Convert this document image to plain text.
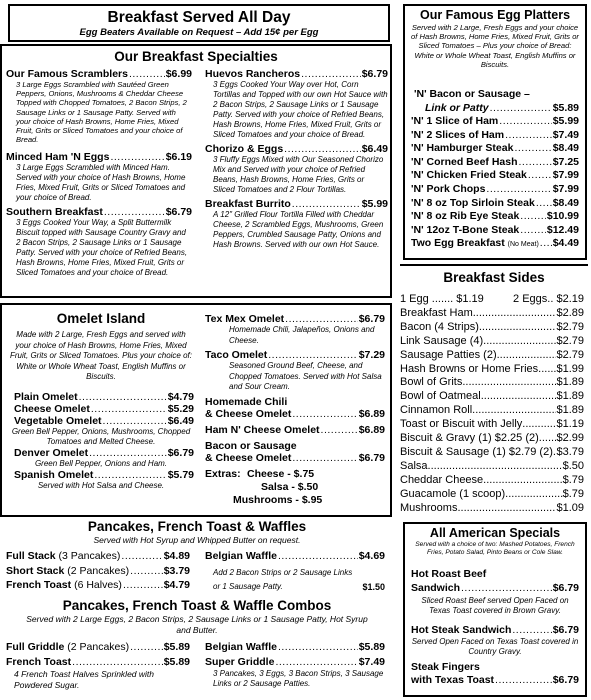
Breakfast Served All Day
Egg Beaters Available on Request – Add 15¢ per Egg
Our Breakfast Specialties
Our Famous Scramblers .....	$6.99
3 Large Eggs Scrambled with Sautéed Green Peppers, Onions, Mushrooms & Cheddar Cheese Topped with Chopped Tomatoes, 2 Bacon Strips, 2 Sausage Links or 1 Sausage Patty. Served with your choice of Hash Browns, Home Fries, Mixed Fruit, Grits or Sliced Tomatoes and your choice of Bread.
Minced Ham 'N Eggs .....	$6.19
3 Large Eggs Scrambled with Minced Ham. Served with your choice of Hash Browns, Home Fries, Mixed Fruit, Grits or Sliced Tomatoes and your choice of Bread.
Southern Breakfast .....	$6.79
3 Eggs Cooked Your Way, a Split Buttermilk Biscuit topped with Sausage Country Gravy and 2 Bacon Strips, 2 Sausage Links or 1 Sausage Patty. Served with your choice of Refried Beans, Hash Browns, Home Fries, Mixed Fruit, Grits or Sliced Tomatoes and your choice of Bread.
Huevos Rancheros .....	$6.79
3 Eggs Cooked Your Way over Hot, Corn Tortillas and Topped with our own Hot Sauce with 2 Bacon Strips, 2 Sausage Links or 1 Sausage Patty. Served with your choice of Refried Beans, Hash Browns, Home Fries, Mixed Fruit, Grits or Sliced Tomatoes and your choice of Bread.
Chorizo & Eggs .....	$6.49
3 Fluffy Eggs Mixed with Our Seasoned Chorizo Mix and Served with your choice of Refried Beans, Hash Browns, Home Fries, Grits or Sliced Tomatoes and 2 Flour Tortillas.
Breakfast Burrito .....	$5.99
A 12" Grilled Flour Tortilla Filled with Cheddar Cheese, 2 Scrambled Eggs, Mushrooms, Green Peppers, Crumbled Sausage Patty, Onions and Hash Browns. Served with our own Hot Sauce.
Our Famous Egg Platters
Served with 2 Large, Fresh Eggs and your choice of Hash Browns, Home Fries, Mixed Fruit, Grits or Sliced Tomatoes – Plus your choice of Bread: White or Whole Wheat Toast, English Muffins or Biscuits.
'N' Bacon or Sausage –
Link or Patty .....	$5.89
'N' 1 Slice of Ham .....	$5.99
'N' 2 Slices of Ham .....	$7.49
'N' Hamburger Steak .....	$8.49
'N' Corned Beef Hash .....	$7.25
'N' Chicken Fried Steak ..... $7.99
'N' Pork Chops .....	$7.99
'N' 8 oz Top Sirloin Steak ..... $8.49
'N' 8 oz Rib Eye Steak .....	$10.99
'N' 12oz T-Bone Steak .....	$12.49
Two Egg Breakfast
(No Meat) ..... $4.49
Breakfast Sides
1 Egg ....... $1.19	2 Eggs.. $2.19
Breakfast Ham .....	$2.89
Bacon (4 Strips) .....	$2.79
Link Sausage (4) .....	$2.79
Sausage Patties (2) .....	$2.79
Hash Browns or Home Fries ..... $1.99
Bowl of Grits .....	$1.89
Bowl of Oatmeal .....	$1.89
Cinnamon Roll .....	$1.89
Toast or Biscuit with Jelly .....	$1.19
Biscuit & Gravy (1) $2.25 (2) ..... $2.99
Biscuit & Sausage (1) $2.79 (2) ..... $3.79
Salsa .....	$.50
Cheddar Cheese .....	$.79
Guacamole (1 scoop) .....	$.79
Mushrooms .....	$1.09
Omelet Island
Made with 2 Large, Fresh Eggs and served with your choice of Hash Browns, Home Fries, Mixed Fruit, Grits or Sliced Tomatoes. Plus your choice of: White or Whole Wheat Toast, English Muffins or Biscuits.
Plain Omelet .....	$4.79
Cheese Omelet .....	$5.29
Vegetable Omelet .....	$6.49
Green Bell Pepper, Onions, Mushrooms, Chopped Tomatoes and Melted Cheese.
Denver Omelet .....	$6.79
Green Bell Pepper, Onions and Ham.
Spanish Omelet .....	$5.79
Served with Hot Salsa and Cheese.
Tex Mex Omelet .....	$6.79
Homemade Chili, Jalapeños, Onions and Cheese.
Taco Omelet .....	$7.29
Seasoned Ground Beef, Cheese, and Chopped Tomatoes. Served with Hot Salsa and Sour Cream.
Homemade Chili
& Cheese Omelet .....	$6.89
Ham N' Cheese Omelet .....	$6.89
Bacon or Sausage
& Cheese Omelet .....	$6.79
Extras: Cheese - $.75
Salsa - $.50
Mushrooms - $.95
Pancakes, French Toast & Waffles
Served with Hot Syrup and Whipped Butter on request.
Full Stack
(3 Pancakes) .....	$4.89
Short Stack
(2 Pancakes) .....	$3.79
French Toast
(6 Halves) .....	$4.79
Belgian Waffle .....	$4.69
Add 2 Bacon Strips or 2 Sausage Links or 1 Sausage Patty.	$1.50
Pancakes, French Toast & Waffle Combos
Served with 2 Large Eggs, 2 Bacon Strips, 2 Sausage Links or 1 Sausage Patty, Hot Syrup and Butter.
Full Griddle
(2 Pancakes) .....	$5.89
French Toast .....	$5.89
4 French Toast Halves Sprinkled with Powdered Sugar.
Belgian Waffle .....	$5.89
Super Griddle .....	$7.49
3 Pancakes, 3 Eggs, 3 Bacon Strips, 3 Sausage Links or 2 Sausage Patties.
All American Specials
Served with a choice of two: Mashed Potatoes, French Fries, Potato Salad, Pinto Beans or Cole Slaw.
Hot Roast Beef
Sandwich .....	$6.79
Sliced Roast Beef served Open Faced on Texas Toast covered in Brown Gravy.
Hot Steak Sandwich .....	$6.79
Served Open Faced on Texas Toast covered in Country Gravy.
Steak Fingers
with Texas Toast .....	$6.79
